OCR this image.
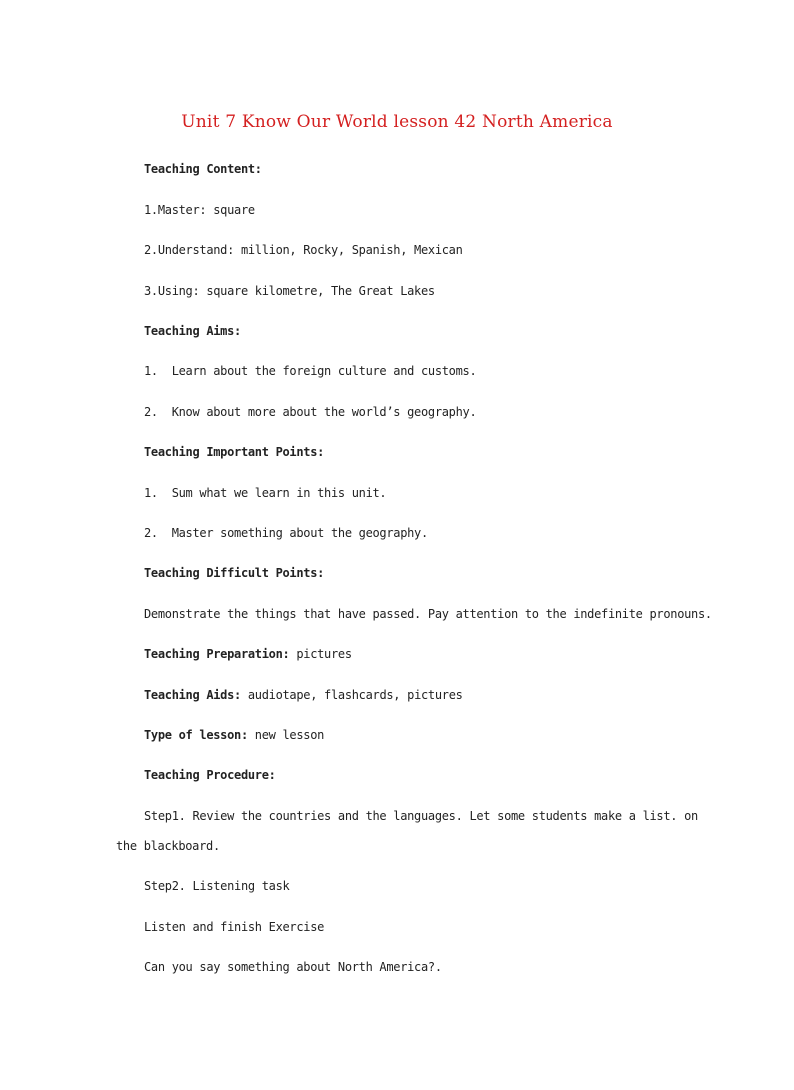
Unit 7 Know Our World lesson 42 North America
Teaching Content:
1.Master: square
2.Understand: million, Rocky, Spanish, Mexican
3.Using: square kilometre, The Great Lakes
Teaching Aims:
1.  Learn about the foreign culture and customs.
2.  Know about more about the world’s geography.
Teaching Important Points:
1.  Sum what we learn in this unit.
2.  Master something about the geography.
Teaching Difficult Points:
Demonstrate the things that have passed. Pay attention to the indefinite pronouns.
Teaching Preparation: pictures
Teaching Aids: audiotape, flashcards, pictures
Type of lesson: new lesson
Teaching Procedure:
Step1. Review the countries and the languages. Let some students make a list. on
the blackboard.
Step2. Listening task
Listen and finish Exercise
Can you say something about North America?.
